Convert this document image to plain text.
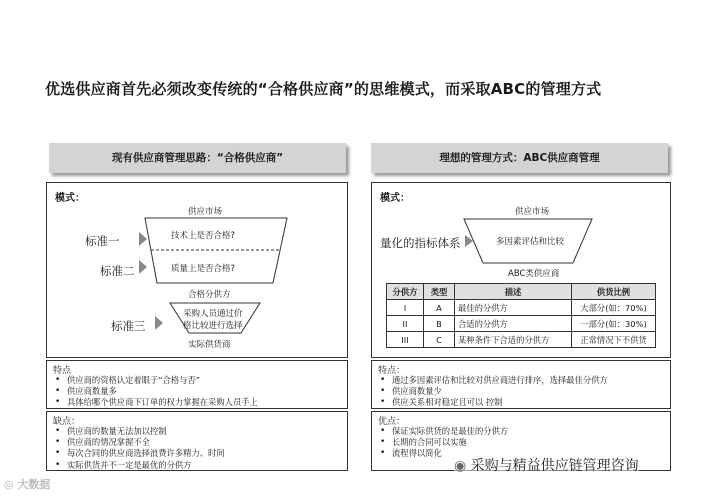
优选供应商首先必须改变传统的“合格供应商”的思维模式，而采取ABC的管理方式
现有供应商管理思路：“合格供应商”	理想的管理方式：ABC供应商管理
模式：
供应市场
技术上是否合格?
质量上是否合格?
标准一
标准二
标准三
合格分供方
采购人员通过价
格比较进行选择
实际供货商
特点
• 供应商的资格认定着眼于“合格与否”
• 供应商数量多
• 具体给哪个供应商下订单的权力掌握在采购人员手上
缺点：
• 供应商的数量无法加以控制
• 供应商的情况掌握不全
• 每次合同的供应商选择浪费许多精力、时间
• 实际供货并不一定是最优的分供方
模式：
供应市场
量化的指标体系	多因素评估和比较
ABC类供应商
分供方	类型	描述	供货比例
I	A	最佳的分供方	大部分(如：70%)
II	B	合适的分供方	一部分(如：30%)
III	C	某种条件下合适的分供方	正常情况下不供货
特点：
• 通过多因素评估和比较对供应商进行排序，选择最佳分供方
• 供应商数量少
• 供应关系相对稳定且可以 控制
优点：
• 保证实际供货的是最佳的分供方
• 长期的合同可以实施
• 流程得以简化
◎ 大数据
◉ 采购与精益供应链管理咨询
